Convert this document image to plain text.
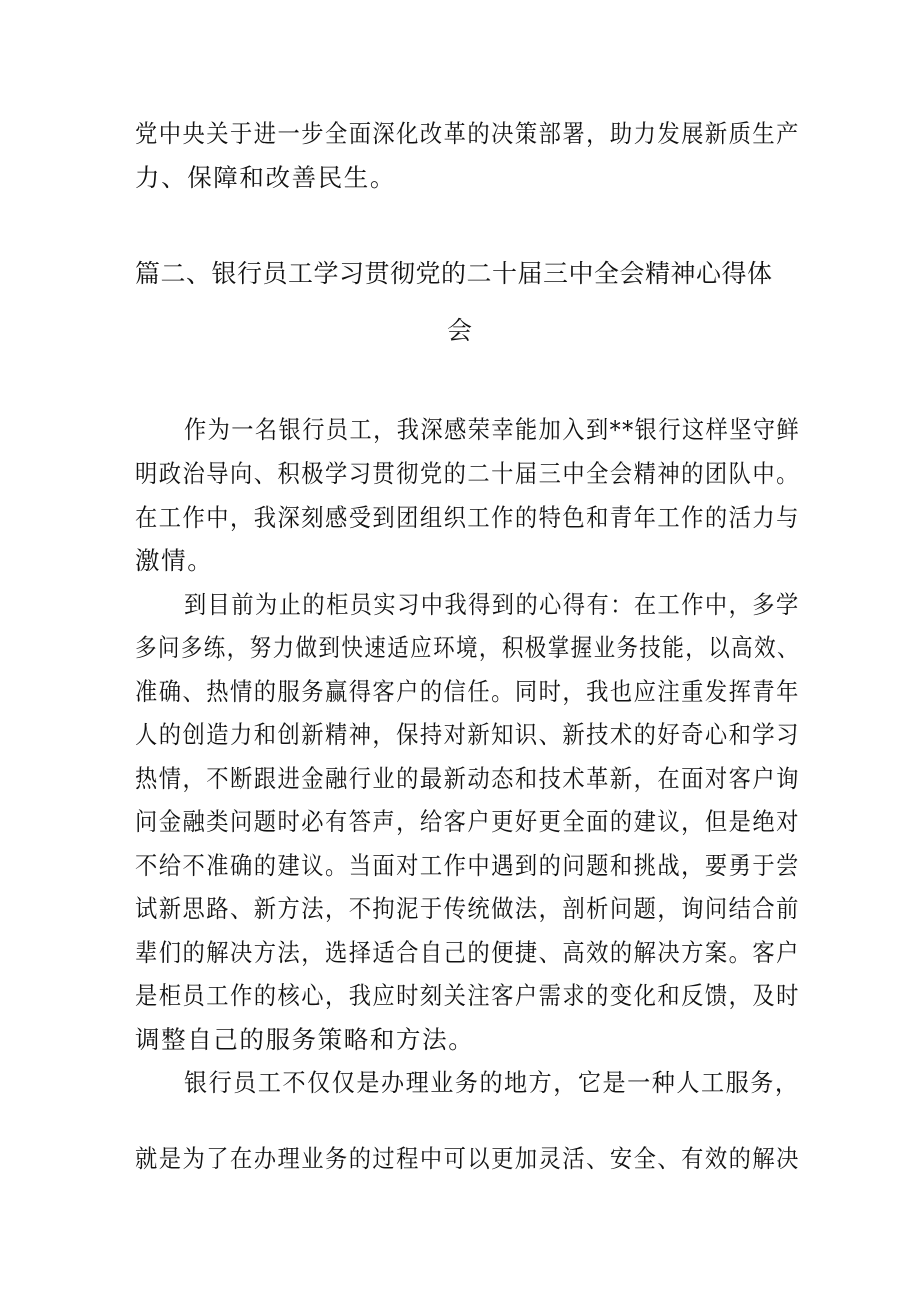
党中央关于进一步全面深化改革的决策部署，助力发展新质生产
力、保障和改善民生。
篇二、银行员工学习贯彻党的二十届三中全会精神心得体
会
作为一名银行员工，我深感荣幸能加入到**银行这样坚守鲜
明政治导向、积极学习贯彻党的二十届三中全会精神的团队中。
在工作中，我深刻感受到团组织工作的特色和青年工作的活力与
激情。
到目前为止的柜员实习中我得到的心得有：在工作中，多学
多问多练，努力做到快速适应环境，积极掌握业务技能，以高效、
准确、热情的服务赢得客户的信任。同时，我也应注重发挥青年
人的创造力和创新精神，保持对新知识、新技术的好奇心和学习
热情，不断跟进金融行业的最新动态和技术革新，在面对客户询
问金融类问题时必有答声，给客户更好更全面的建议，但是绝对
不给不准确的建议。当面对工作中遇到的问题和挑战，要勇于尝
试新思路、新方法，不拘泥于传统做法，剖析问题，询问结合前
辈们的解决方法，选择适合自己的便捷、高效的解决方案。客户
是柜员工作的核心，我应时刻关注客户需求的变化和反馈，及时
调整自己的服务策略和方法。
银行员工不仅仅是办理业务的地方，它是一种人工服务，
就是为了在办理业务的过程中可以更加灵活、安全、有效的解决
